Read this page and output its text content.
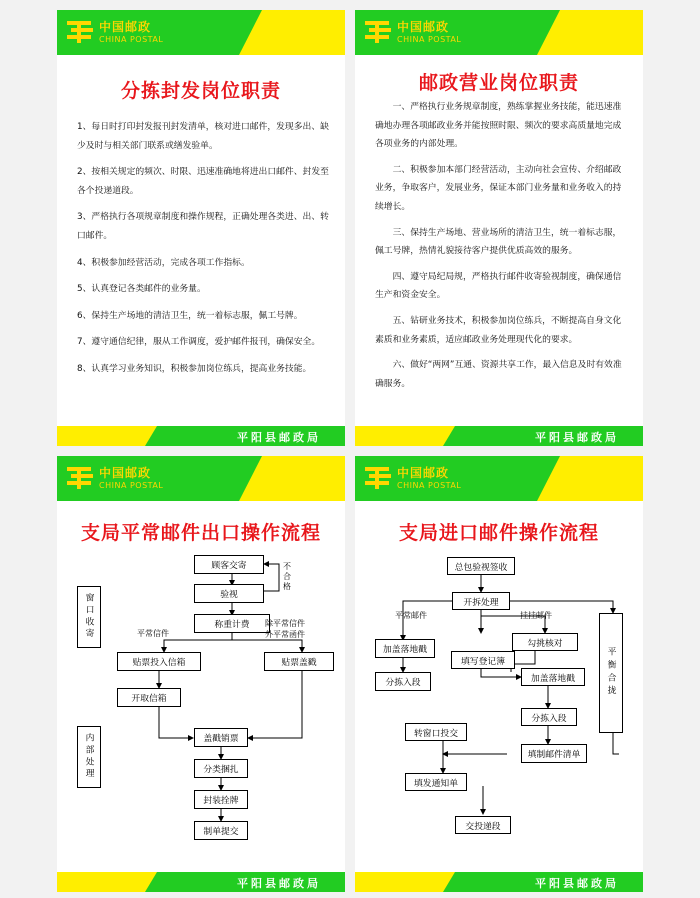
中国邮政
CHINA POSTAL
分拣封发岗位职责

1、每日时打印封发报刊封发清单，核对进口邮件，发现多出、缺少及时与相关部门联系或缮发验单。

2、按相关规定的频次、时限、迅速准确地将进出口邮件、封发至各个投递道段。

3、严格执行各项规章制度和操作规程，正确处理各类进、出、转口邮件。

4、积极参加经营活动，完成各项工作指标。

5、认真登记各类邮件的业务量。

6、保持生产场地的清洁卫生，统一着标志服，佩工号牌。

7、遵守通信纪律，服从工作调度，爱护邮件报刊，确保安全。

8、认真学习业务知识，积极参加岗位练兵，提高业务技能。

平阳县邮政局
中国邮政
CHINA POSTAL
邮政营业岗位职责

一、严格执行业务规章制度，熟练掌握业务技能，能迅速准确地办理各项邮政业务并能按照时限、频次的要求高质量地完成各项业务的内部处理。

二、积极参加本部门经营活动，主动向社会宣传、介绍邮政业务，争取客户，发展业务，保证本部门业务量和业务收入的持续增长。

三、保持生产场地、营业场所的清洁卫生，统一着标志服，佩工号牌，热情礼貌接待客户提供优质高效的服务。

四、遵守局纪局规，严格执行邮件收寄验视制度，确保通信生产和资金安全。

五、钻研业务技术，积极参加岗位练兵，不断提高自身文化素质和业务素质，适应邮政业务处理现代化的要求。

六、做好“两网”互通、资源共享工作，最入信息及时有效准确服务。

平阳县邮政局
中国邮政
CHINA POSTAL
支局平常邮件出口操作流程
窗口收寄
内部处理
顾客交寄
验视
称重计费
贴票投入信箱
开取信箱
贴票盖戳
盖戳销票
分类捆扎
封装拴牌
制单提交
不合格
平常信件
除平常信件
外平常函件
平阳县邮政局
中国邮政
CHINA POSTAL
支局进口邮件操作流程
总包验视签收
开拆处理
加盖落地戳
分拣入段
勾挑核对
填写登记簿
加盖落地戳
分拣入段
平衡合拢
转窗口投交
填制邮件清单
填发通知单
交投递段
平常邮件	挂挂邮件
平阳县邮政局
